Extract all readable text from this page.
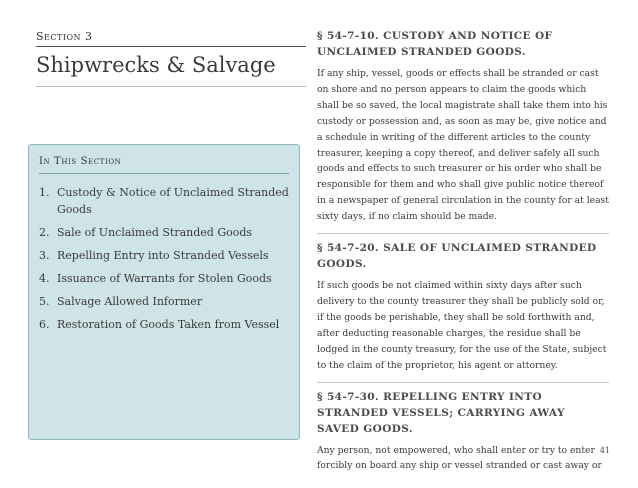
Section 3
Shipwrecks & Salvage
In This Section
1. Custody & Notice of Unclaimed Stranded Goods
2. Sale of Unclaimed Stranded Goods
3. Repelling Entry into Stranded Vessels
4. Issuance of Warrants for Stolen Goods
5. Salvage Allowed Informer
6. Restoration of Goods Taken from Vessel
§ 54-7-10. CUSTODY AND NOTICE OF UNCLAIMED STRANDED GOODS.

If any ship, vessel, goods or effects shall be stranded or cast on shore and no person appears to claim the goods which shall be so saved, the local magistrate shall take them into his custody or possession and, as soon as may be, give notice and a schedule in writing of the different articles to the county treasurer, keeping a copy thereof, and deliver safely all such goods and effects to such treasurer or his order who shall be responsible for them and who shall give public notice thereof in a newspaper of general circulation in the county for at least sixty days, if no claim should be made.

§ 54-7-20. SALE OF UNCLAIMED STRANDED GOODS.

If such goods be not claimed within sixty days after such delivery to the county treasurer they shall be publicly sold or, if the goods be perishable, they shall be sold forthwith and, after deducting reasonable charges, the residue shall be lodged in the county treasury, for the use of the State, subject to the claim of the proprietor, his agent or attorney.

§ 54-7-30. REPELLING ENTRY INTO STRANDED VESSELS; CARRYING AWAY SAVED GOODS.

Any person, not empowered, who shall enter or try to enter forcibly on board any ship or vessel stranded or cast away or

41
